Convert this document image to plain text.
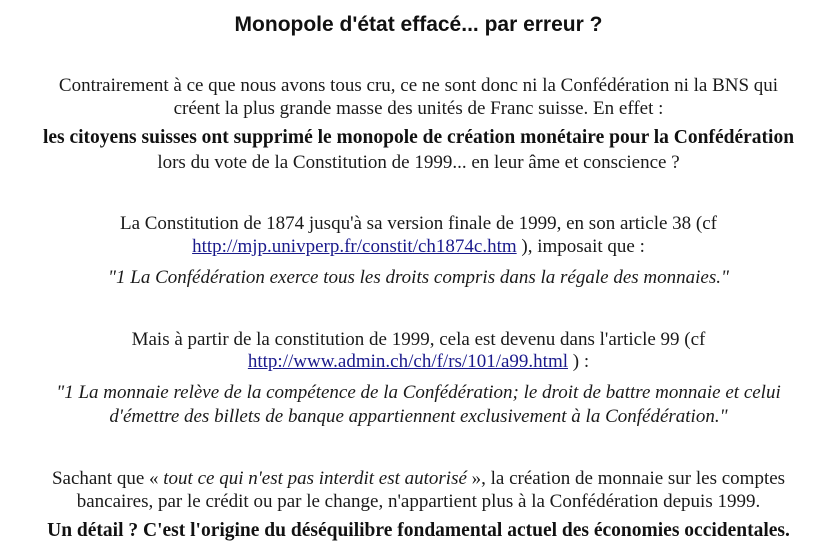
Monopole d'état effacé... par erreur ?
Contrairement à ce que nous avons tous cru, ce ne sont donc ni la Confédération ni la BNS qui
créent la plus grande masse des unités de Franc suisse. En effet :
les citoyens suisses ont supprimé le monopole de création monétaire pour la Confédération
lors du vote de la Constitution de 1999... en leur âme et conscience ?
La Constitution de 1874 jusqu'à sa version finale de 1999, en son article 38 (cf
http://mjp.univperp.fr/constit/ch1874c.htm ), imposait que :
"1 La Confédération exerce tous les droits compris dans la régale des monnaies."
Mais à partir de la constitution de 1999, cela est devenu dans l'article 99 (cf
http://www.admin.ch/ch/f/rs/101/a99.html ) :
"1 La monnaie relève de la compétence de la Confédération; le droit de battre monnaie et celui
d'émettre des billets de banque appartiennent exclusivement à la Confédération."
Sachant que « tout ce qui n'est pas interdit est autorisé », la création de monnaie sur les comptes
bancaires, par le crédit ou par le change, n'appartient plus à la Confédération depuis 1999.
Un détail ? C'est l'origine du déséquilibre fondamental actuel des économies occidentales.
